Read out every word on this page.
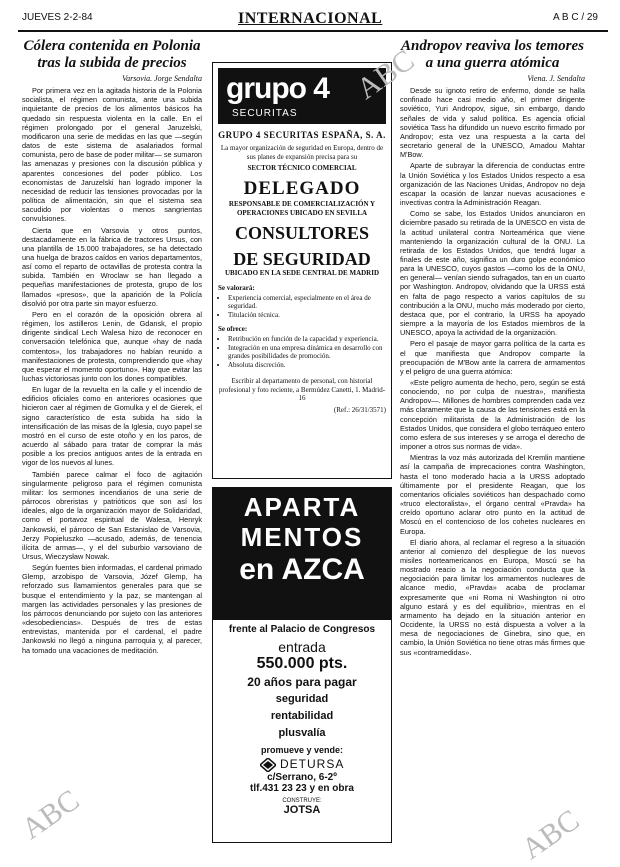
JUEVES 2-2-84	INTERNACIONAL	A B C / 29
Cólera contenida en Polonia tras la subida de precios
Varsovia. Jorge Sendalta

Por primera vez en la agitada historia de la Polonia socialista, el régimen comunista, ante una subida inquietante de precios de los alimentos básicos ha quedado sin respuesta violenta en la calle. En el régimen prolongado por el general Jaruzelski, modificaron una serie de medidas en las que —según datos de este sistema de asalariados formal comunista, pero de base de poder militar— se sumaron las amenazas y presiones con la discusión pública y aparentes concesiones del poder público. Los economistas de Jaruzelski han logrado imponer la necesidad de reducir las tensiones provocadas por la política de alimentación, sin que el sistema sea sacudido por violentas o menos sangrientas convulsiones.

Cierta que en Varsovia y otros puntos, destacadamente en la fábrica de tractores Ursus, con una plantilla de 15.000 trabajadores, se ha detectado una huelga de brazos caídos en varios departamentos, así como el reparto de octavillas de protesta contra la subida. También en Wroclaw se han llegado a pequeñas manifestaciones de protesta, grupo de los llamados «presos», que la aparición de la Policía disolvió por otra parte sin mayor esfuerzo.

Pero en el corazón de la oposición obrera al régimen, los astilleros Lenin, de Gdansk, el propio dirigente sindical Lech Walesa hizo de reconocer en conversación telefónica que, aunque «hay de nada comtentos», los trabajadores no habían reunido a manifestaciones de protesta, comprendiendo que «hay que esperar el momento oportuno». Hay que evitar las luchas victoriosas junto con los dones compatibles.

En lugar de la revuelta en la calle y el incendio de edificios oficiales como en anteriores ocasiones que hicieron caer al régimen de Gomulka y el de Gierek, el signo característico de esta subida ha sido la intensificación de las misas de la Iglesia, cuyo papel se mostró en el curso de este otoño y en los paros, de acuerdo al sábado para tratar de comprar la más posible a los precios antiguos antes de la entrada en vigor de los nuevos al lunes.

También parece calmar el foco de agitación singularmente peligroso para el régimen comunista militar: los sermones incendiarios de una serie de párrocos obreristas y patrióticos que son así los ideales, algo de la organización mayor de Solidaridad, como el portavoz espiritual de Walesa, Henryk Jankowski, el párroco de San Estanislao de Varsovia, Jerzy Popieluszko —acusado, además, de tenencia ilícita de armas—, y el del suburbio varsoviano de Ursus, Wieczysław Nowak.

Según fuentes bien informadas, el cardenal primado Glemp, arzobispo de Varsovia, Józef Glemp, ha reforzado sus llamamientos generales para que se busque el entendimiento y la paz, se mantengan al margen las actividades personales y las presiones de los párrocos denunciando por sujeto con las anteriores «desobediencias». Después de tres de estas entrevistas, mantenida por el cardenal, el padre Jankowski no llegó a ninguna parroquia y, al parecer, ha tomado una vacaciones de meditación.

grupo 4
SECURITAS
GRUPO 4 SECURITAS ESPAÑA, S. A.
La mayor organización de seguridad en Europa, dentro de sus planes de expansión precisa para su
SECTOR TÉCNICO COMERCIAL
DELEGADO
RESPONSABLE DE COMERCIALIZACIÓN Y OPERACIONES UBICADO EN SEVILLA
CONSULTORES
DE SEGURIDAD
UBICADO EN LA SEDE CENTRAL DE MADRID
Se valorará:
• Experiencia comercial, especialmente en el área de seguridad.
• Titulación técnica.
Se ofrece:
• Retribución en función de la capacidad y experiencia.
• Integración en una empresa dinámica en desarrollo con grandes posibilidades de promoción.
• Absoluta discreción.
Escribir al departamento de personal, con historial profesional y foto reciente, a Bermúdez Canetti, 1. Madrid-16
(Ref.: 26/31/3571)
APARTA
MENTOS
en AZCA
frente al Palacio de Congresos
entrada
550.000 pts.
20 años para pagar
seguridad
rentabilidad
plusvalía
promueve y vende:
DETURSA
c/Serrano, 6-2º
tlf.431 23 23 y en obra
CONSTRUYE:
JOTSA
Andropov reaviva los temores a una guerra atómica
Viena. J. Sendalta

Desde su ignoto retiro de enfermo, donde se halla confinado hace casi medio año, el primer dirigente soviético, Yuri Andropov, sigue, sin embargo, dando señales de vida y salud política. Es agencia oficial soviética Tass ha difundido un nuevo escrito firmado por Andropov; esta vez una respuesta a la carta del secretario general de la UNESCO, Amadou Mahtar M'Bow.

Aparte de subrayar la diferencia de conductas entre la Unión Soviética y los Estados Unidos respecto a esa organización de las Naciones Unidas, Andropov no deja escapar la ocasión de lanzar nuevas acusaciones e invectivas contra la Administración Reagan.

Como se sabe, los Estados Unidos anunciaron en diciembre pasado su retirada de la UNESCO en vista de la actitud unilateral contra Norteamérica que viene manteniendo la organización cultural de la ONU. La retirada de los Estados Unidos, que tendrá lugar a finales de este año, significa un duro golpe económico para la UNESCO, cuyos gastos —como los de la ONU, en general— venían siendo sufragados, tan en un cuarto por Washington. Andropov, olvidando que la URSS está en falta de pago respecto a varios capítulos de su contribución a la ONU, mucho más moderado por cierto, destaca que, por el contrario, la URSS ha apoyado siempre a la mayoría de los Estados miembros de la UNESCO, apoya la actividad de la organización.

Pero el pasaje de mayor garra política de la carta es el que manifiesta que Andropov comparte la preocupación de M'Bow ante la carrera de armamentos y el peligro de una guerra atómica:

«Este peligro aumenta de hecho, pero, según se está conociendo, no por culpa de nuestra», manifiesta Andropov—. Millones de hombres comprenden cada vez más claramente que la causa de las tensiones está en la concepción militarista de la Administración de los Estados Unidos, que considera el globo terráqueo entero como esfera de sus intereses y se arroga el derecho de imponer a otros sus normas de vida».

Mientras la voz más autorizada del Kremlin mantiene así la campaña de imprecaciones contra Washington, hasta el tono moderado hacia a la URSS adoptado últimamente por el presidente Reagan, que los comentarios oficiales soviéticos han despachado como «truco electoralista», el órgano central «Pravda» ha creído oportuno aclarar otro punto en la actitud de Moscú en el contencioso de los cohetes nucleares en Europa.

El diario ahora, al reclamar el regreso a la situación anterior al comienzo del despliegue de los nuevos misiles norteamericanos en Europa, Moscú se ha mostrado reacio a la negociación conducta que la negociación para limitar los armamentos nucleares de alcance medio, «Pravda» acaba de proclamar expresamente que «ni Roma ni Washington ni otro alguno estará y es del equilibrio», mientras en el armamento ha dejado en la situación anterior en Occidente, la URSS no está dispuesta a volver a la mesa de negociaciones de Ginebra, sino que, en cambio, la Unión Soviética no tiene otras más firmes que sus «contramedidas».

ABC
ABC
ABC
